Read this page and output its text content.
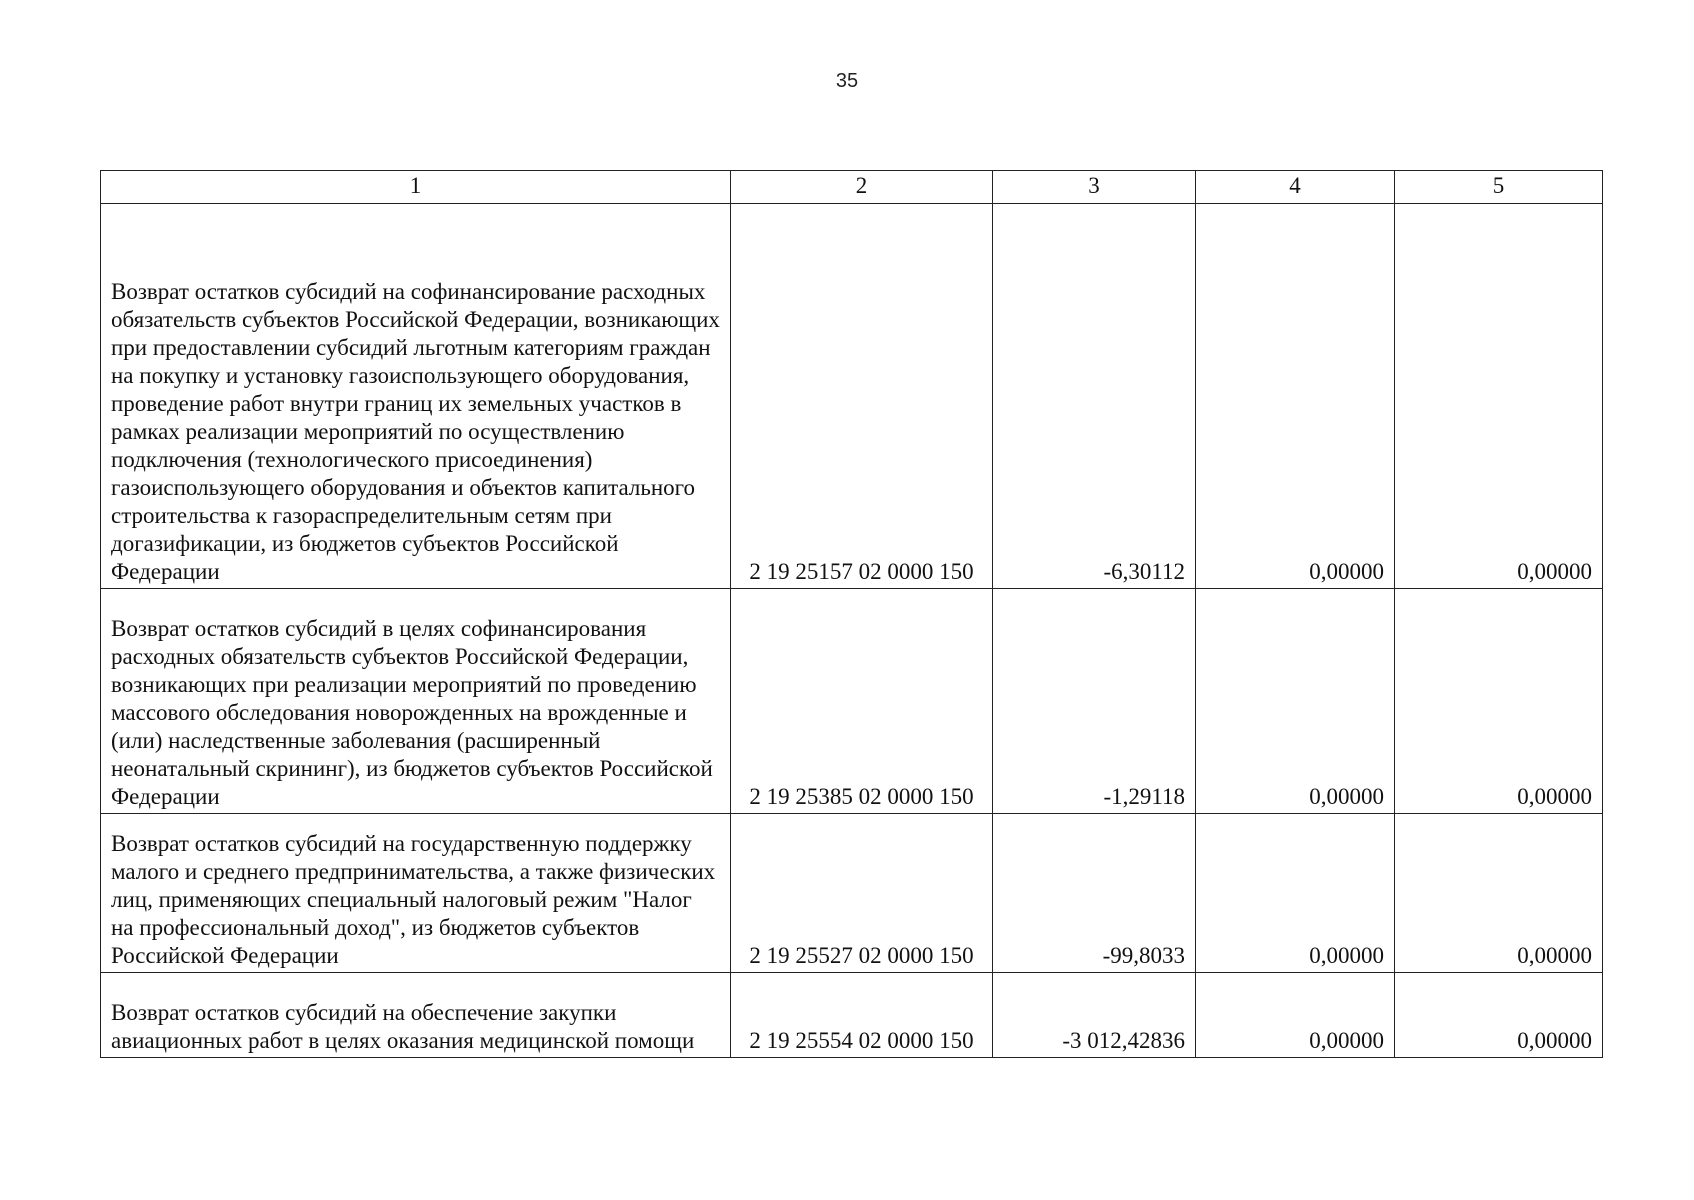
35
1	2	3	4	5
Возврат остатков субсидий на софинансирование расходных обязательств субъектов Российской Федерации, возникающих при предоставлении субсидий льготным категориям граждан на покупку и установку газоиспользующего оборудования, проведение работ внутри границ их земельных участков в рамках реализации мероприятий по осуществлению подключения (технологического присоединения) газоиспользующего оборудования и объектов капитального строительства к газораспределительным сетям при догазификации, из бюджетов субъектов Российской Федерации	2 19 25157 02 0000 150	-6,30112	0,00000	0,00000
Возврат остатков субсидий в целях софинансирования расходных обязательств субъектов Российской Федерации, возникающих при реализации мероприятий по проведению массового обследования новорожденных на врожденные и (или) наследственные заболевания (расширенный неонатальный скрининг), из бюджетов субъектов Российской Федерации	2 19 25385 02 0000 150	-1,29118	0,00000	0,00000
Возврат остатков субсидий на государственную поддержку малого и среднего предпринимательства, а также физических лиц, применяющих специальный налоговый режим "Налог на профессиональный доход", из бюджетов субъектов Российской Федерации	2 19 25527 02 0000 150	-99,8033	0,00000	0,00000
Возврат остатков субсидий на обеспечение закупки авиационных работ в целях оказания медицинской помощи	2 19 25554 02 0000 150	-3 012,42836	0,00000	0,00000
